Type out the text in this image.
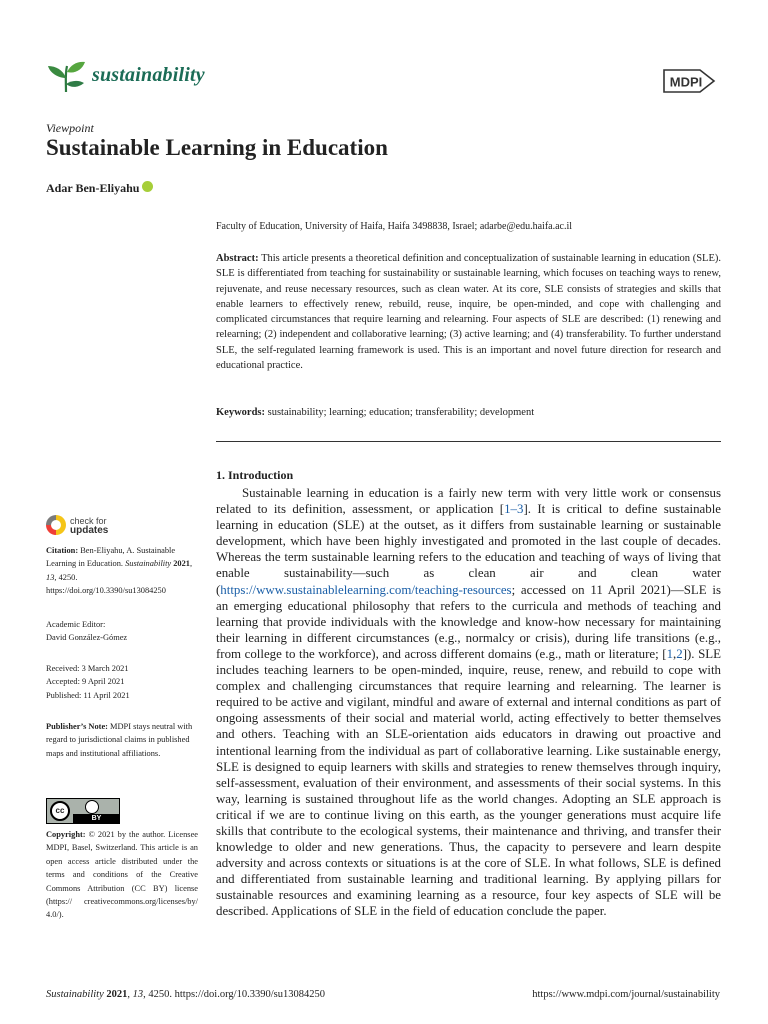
sustainability	MDPI
Viewpoint
Sustainable Learning in Education
Adar Ben-Eliyahu
Faculty of Education, University of Haifa, Haifa 3498838, Israel; adarbe@edu.haifa.ac.il
Abstract: This article presents a theoretical definition and conceptualization of sustainable learning in education (SLE). SLE is differentiated from teaching for sustainability or sustainable learning, which focuses on teaching ways to renew, rejuvenate, and reuse necessary resources, such as clean water. At its core, SLE consists of strategies and skills that enable learners to effectively renew, rebuild, reuse, inquire, be open-minded, and cope with challenging and complicated circumstances that require learning and relearning. Four aspects of SLE are described: (1) renewing and relearning; (2) independent and collaborative learning; (3) active learning; and (4) transferability. To further understand SLE, the self-regulated learning framework is used. This is an important and novel future direction for research and educational practice.
Keywords: sustainability; learning; education; transferability; development
check for
updates
Citation: Ben-Eliyahu, A. Sustainable Learning in Education. Sustainability 2021, 13, 4250. https://doi.org/10.3390/su13084250
Academic Editor:
David González-Gómez
Received: 3 March 2021
Accepted: 9 April 2021
Published: 11 April 2021
Publisher’s Note: MDPI stays neutral with regard to jurisdictional claims in published maps and institutional affiliations.
cc
BY
Copyright: © 2021 by the author. Licensee MDPI, Basel, Switzerland. This article is an open access article distributed under the terms and conditions of the Creative Commons Attribution (CC BY) license (https:// creativecommons.org/licenses/by/ 4.0/).
1. Introduction

Sustainable learning in education is a fairly new term with very little work or consensus related to its definition, assessment, or application [1–3]. It is critical to define sustainable learning in education (SLE) at the outset, as it differs from sustainable learning or sustainable development, which have been highly investigated and promoted in the last couple of decades. Whereas the term sustainable learning refers to the education and teaching of ways of living that enable sustainability—such as clean air and clean water (https://www.sustainablelearning.com/teaching-resources; accessed on 11 April 2021)—SLE is an emerging educational philosophy that refers to the curricula and methods of teaching and learning that provide individuals with the knowledge and know-how necessary for maintaining their learning in different circumstances (e.g., normalcy or crisis), during life transitions (e.g., from college to the workforce), and across different domains (e.g., math or literature; [1,2]). SLE includes teaching learners to be open-minded, inquire, reuse, renew, and rebuild to cope with complex and challenging circumstances that require learning and relearning. The learner is required to be active and vigilant, mindful and aware of external and internal conditions as part of ongoing assessments of their social and material world, acting effectively to better themselves and others. Teaching with an SLE-orientation aids educators in drawing out proactive and intentional learning from the individual as part of collaborative learning. Like sustainable energy, SLE is designed to equip learners with skills and strategies to renew themselves through inquiry, self-assessment, evaluation of their environment, and assessments of their social systems. In this way, learning is sustained throughout life as the world changes. Adopting an SLE approach is critical if we are to continue living on this earth, as the younger generations must acquire life skills that contribute to the ecological systems, their maintenance and thriving, and transfer their knowledge to older and new generations. Thus, the capacity to persevere and learn despite adversity and across contexts or situations is at the core of SLE. In what follows, SLE is defined and differentiated from sustainable learning and traditional learning. By applying pillars for sustainable resources and examining learning as a resource, four key aspects of SLE will be described. Applications of SLE in the field of education conclude the paper.

Sustainability 2021, 13, 4250. https://doi.org/10.3390/su13084250	https://www.mdpi.com/journal/sustainability
